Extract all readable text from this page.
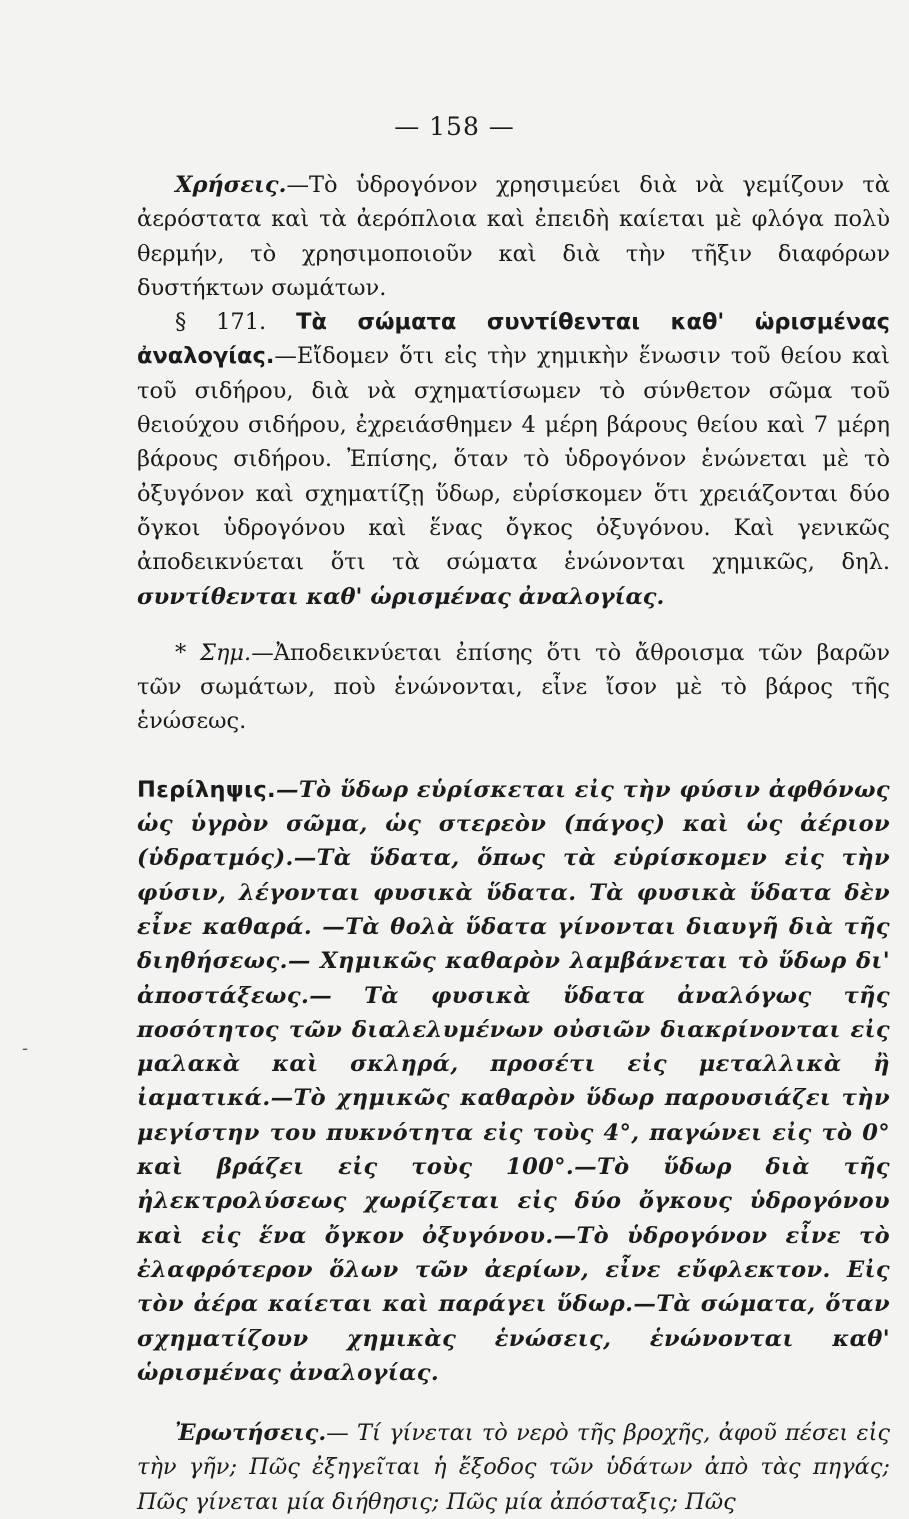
— 158 —

Χρήσεις.—Τὸ ὑδρογόνον χρησιμεύει διὰ νὰ γεμίζουν τὰ ἀερόστατα καὶ τὰ ἀερόπλοια καὶ ἐπειδὴ καίεται μὲ φλόγα πολὺ θερμήν, τὸ χρησιμοποιοῦν καὶ διὰ τὴν τῆξιν διαφόρων δυστήκτων σωμάτων.

§ 171. Τὰ σώματα συντίθενται καθ' ὡρισμένας ἀναλογίας.—Εἴδομεν ὅτι εἰς τὴν χημικὴν ἕνωσιν τοῦ θείου καὶ τοῦ σιδήρου, διὰ νὰ σχηματίσωμεν τὸ σύνθετον σῶμα τοῦ θειούχου σιδήρου, ἐχρειάσθημεν 4 μέρη βάρους θείου καὶ 7 μέρη βάρους σιδήρου. Ἐπίσης, ὅταν τὸ ὑδρογόνον ἑνώνεται μὲ τὸ ὀξυγόνον καὶ σχηματίζῃ ὕδωρ, εὑρίσκομεν ὅτι χρειάζονται δύο ὄγκοι ὑδρογόνου καὶ ἕνας ὄγκος ὀξυγόνου. Καὶ γενικῶς ἀποδεικνύεται ὅτι τὰ σώματα ἑνώνονται χημικῶς, δηλ. συντίθενται καθ' ὡρισμένας ἀναλογίας.

* Σημ.—Ἀποδεικνύεται ἐπίσης ὅτι τὸ ἄθροισμα τῶν βαρῶν τῶν σωμάτων, ποὺ ἑνώνονται, εἶνε ἴσον μὲ τὸ βάρος τῆς ἑνώσεως.

Περίληψις.—Τὸ ὕδωρ εὑρίσκεται εἰς τὴν φύσιν ἀφθόνως ὡς ὑγρὸν σῶμα, ὡς στερεὸν (πάγος) καὶ ὡς ἀέριον (ὑδρατμός).—Τὰ ὕδατα, ὅπως τὰ εὑρίσκομεν εἰς τὴν φύσιν, λέγονται φυσικὰ ὕδατα. Τὰ φυσικὰ ὕδατα δὲν εἶνε καθαρά. —Τὰ θολὰ ὕδατα γίνονται διαυγῆ διὰ τῆς διηθήσεως.— Χημικῶς καθαρὸν λαμβάνεται τὸ ὕδωρ δι' ἀποστάξεως.— Τὰ φυσικὰ ὕδατα ἀναλόγως τῆς ποσότητος τῶν διαλελυμένων οὐσιῶν διακρίνονται εἰς μαλακὰ καὶ σκληρά, προσέτι εἰς μεταλλικὰ ἢ ἰαματικά.—Τὸ χημικῶς καθαρὸν ὕδωρ παρουσιάζει τὴν μεγίστην του πυκνότητα εἰς τοὺς 4°, παγώνει εἰς τὸ 0° καὶ βράζει εἰς τοὺς 100°.—Τὸ ὕδωρ διὰ τῆς ἠλεκτρολύσεως χωρίζεται εἰς δύο ὄγκους ὑδρογόνου καὶ εἰς ἕνα ὄγκον ὀξυγόνου.—Τὸ ὑδρογόνον εἶνε τὸ ἐλαφρότερον ὅλων τῶν ἀερίων, εἶνε εὔφλεκτον. Εἰς τὸν ἀέρα καίεται καὶ παράγει ὕδωρ.—Τὰ σώματα, ὅταν σχηματίζουν χημικὰς ἑνώσεις, ἑνώνονται καθ' ὡρισμένας ἀναλογίας.

Ἐρωτήσεις.— Τί γίνεται τὸ νερὸ τῆς βροχῆς, ἀφοῦ πέσει εἰς τὴν γῆν; Πῶς ἐξηγεῖται ἡ ἔξοδος τῶν ὑδάτων ἀπὸ τὰς πηγάς; Πῶς γίνεται μία διήθησις; Πῶς μία ἀπόσταξις; Πῶς

-
